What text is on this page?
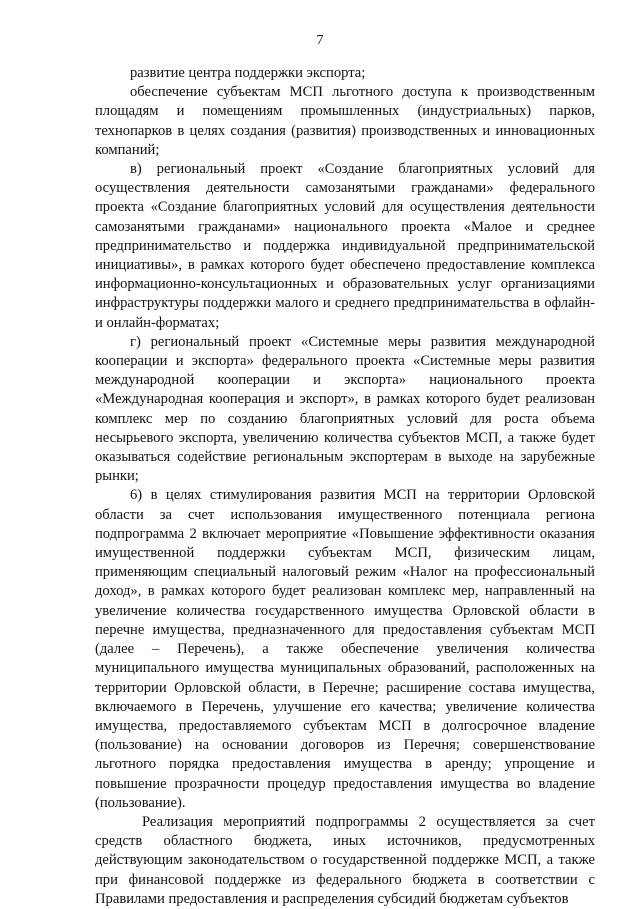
7

развитие центра поддержки экспорта;

обеспечение субъектам МСП льготного доступа к производственным площадям и помещениям промышленных (индустриальных) парков, технопарков в целях создания (развития) производственных и инновационных компаний;

в) региональный проект «Создание благоприятных условий для осуществления деятельности самозанятыми гражданами» федерального проекта «Создание благоприятных условий для осуществления деятельности самозанятыми гражданами» национального проекта «Малое и среднее предпринимательство и поддержка индивидуальной предпринимательской инициативы», в рамках которого будет обеспечено предоставление комплекса информационно-консультационных и образовательных услуг организациями инфраструктуры поддержки малого и среднего предпринимательства в офлайн- и онлайн-форматах;

г) региональный проект «Системные меры развития международной кооперации и экспорта» федерального проекта «Системные меры развития международной кооперации и экспорта» национального проекта «Международная кооперация и экспорт», в рамках которого будет реализован комплекс мер по созданию благоприятных условий для роста объема несырьевого экспорта, увеличению количества субъектов МСП, а также будет оказываться содействие региональным экспортерам в выходе на зарубежные рынки;

6) в целях стимулирования развития МСП на территории Орловской области за счет использования имущественного потенциала региона подпрограмма 2 включает мероприятие «Повышение эффективности оказания имущественной поддержки субъектам МСП, физическим лицам, применяющим специальный налоговый режим «Налог на профессиональный доход», в рамках которого будет реализован комплекс мер, направленный на увеличение количества государственного имущества Орловской области в перечне имущества, предназначенного для предоставления субъектам МСП (далее – Перечень), а также обеспечение увеличения количества муниципального имущества муниципальных образований, расположенных на территории Орловской области, в Перечне; расширение состава имущества, включаемого в Перечень, улучшение его качества; увеличение количества имущества, предоставляемого субъектам МСП в долгосрочное владение (пользование) на основании договоров из Перечня; совершенствование льготного порядка предоставления имущества в аренду; упрощение и повышение прозрачности процедур предоставления имущества во владение (пользование).

Реализация мероприятий подпрограммы 2 осуществляется за счет средств областного бюджета, иных источников, предусмотренных действующим законодательством о государственной поддержке МСП, а также при финансовой поддержке из федерального бюджета в соответствии с Правилами предоставления и распределения субсидий бюджетам субъектов
